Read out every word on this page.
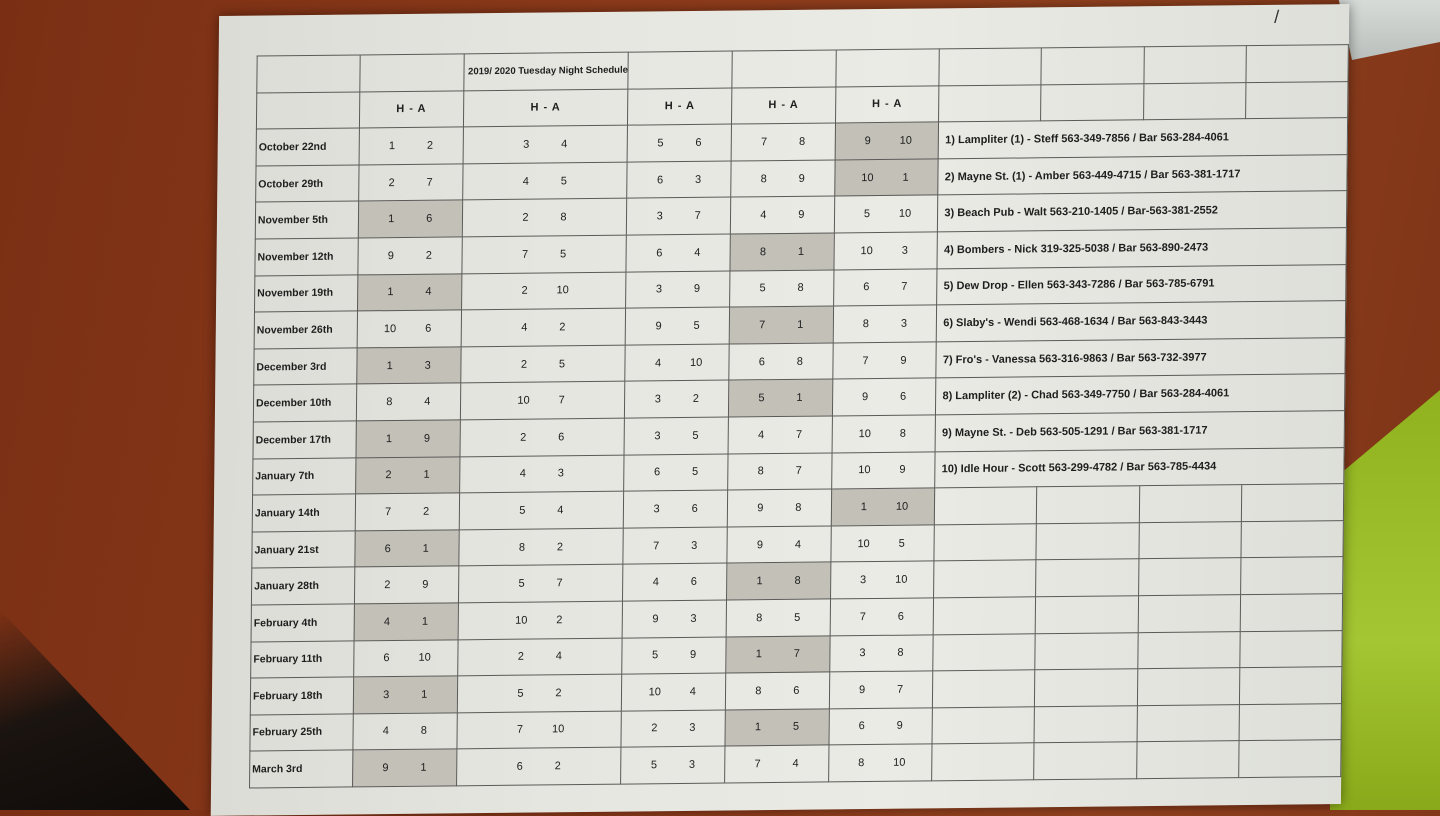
/
		2019/ 2020 Tuesday Night Schedule							
	H - A	H - A	H - A	H - A	H - A				
October 22nd	1 2	3 4	5 6	7 8	9 10	1) Lampliter (1) - Steff 563-349-7856 / Bar 563-284-4061			
October 29th	2 7	4 5	6 3	8 9	10 1	2) Mayne St. (1) - Amber 563-449-4715 / Bar 563-381-1717			
November 5th	1 6	2 8	3 7	4 9	5 10	3) Beach Pub - Walt 563-210-1405 / Bar-563-381-2552			
November 12th	9 2	7 5	6 4	8 1	10 3	4) Bombers - Nick 319-325-5038 / Bar 563-890-2473			
November 19th	1 4	2 10	3 9	5 8	6 7	5) Dew Drop - Ellen 563-343-7286 / Bar 563-785-6791			
November 26th	10 6	4 2	9 5	7 1	8 3	6) Slaby's - Wendi 563-468-1634 / Bar 563-843-3443			
December 3rd	1 3	2 5	4 10	6 8	7 9	7) Fro's - Vanessa 563-316-9863 / Bar 563-732-3977			
December 10th	8 4	10 7	3 2	5 1	9 6	8) Lampliter (2) - Chad 563-349-7750 / Bar 563-284-4061			
December 17th	1 9	2 6	3 5	4 7	10 8	9) Mayne St. - Deb 563-505-1291 / Bar 563-381-1717			
January 7th	2 1	4 3	6 5	8 7	10 9	10) Idle Hour - Scott 563-299-4782 / Bar 563-785-4434			
January 14th	7 2	5 4	3 6	9 8	1 10				

January 21st	6 1	8 2	7 3	9 4	10 5				

January 28th	2 9	5 7	4 6	1 8	3 10				

February 4th	4 1	10 2	9 3	8 5	7 6				

February 11th	6 10	2 4	5 9	1 7	3 8				

February 18th	3 1	5 2	10 4	8 6	9 7				

February 25th	4 8	7 10	2 3	1 5	6 9				

March 3rd	9 1	6 2	5 3	7 4	8 10				
